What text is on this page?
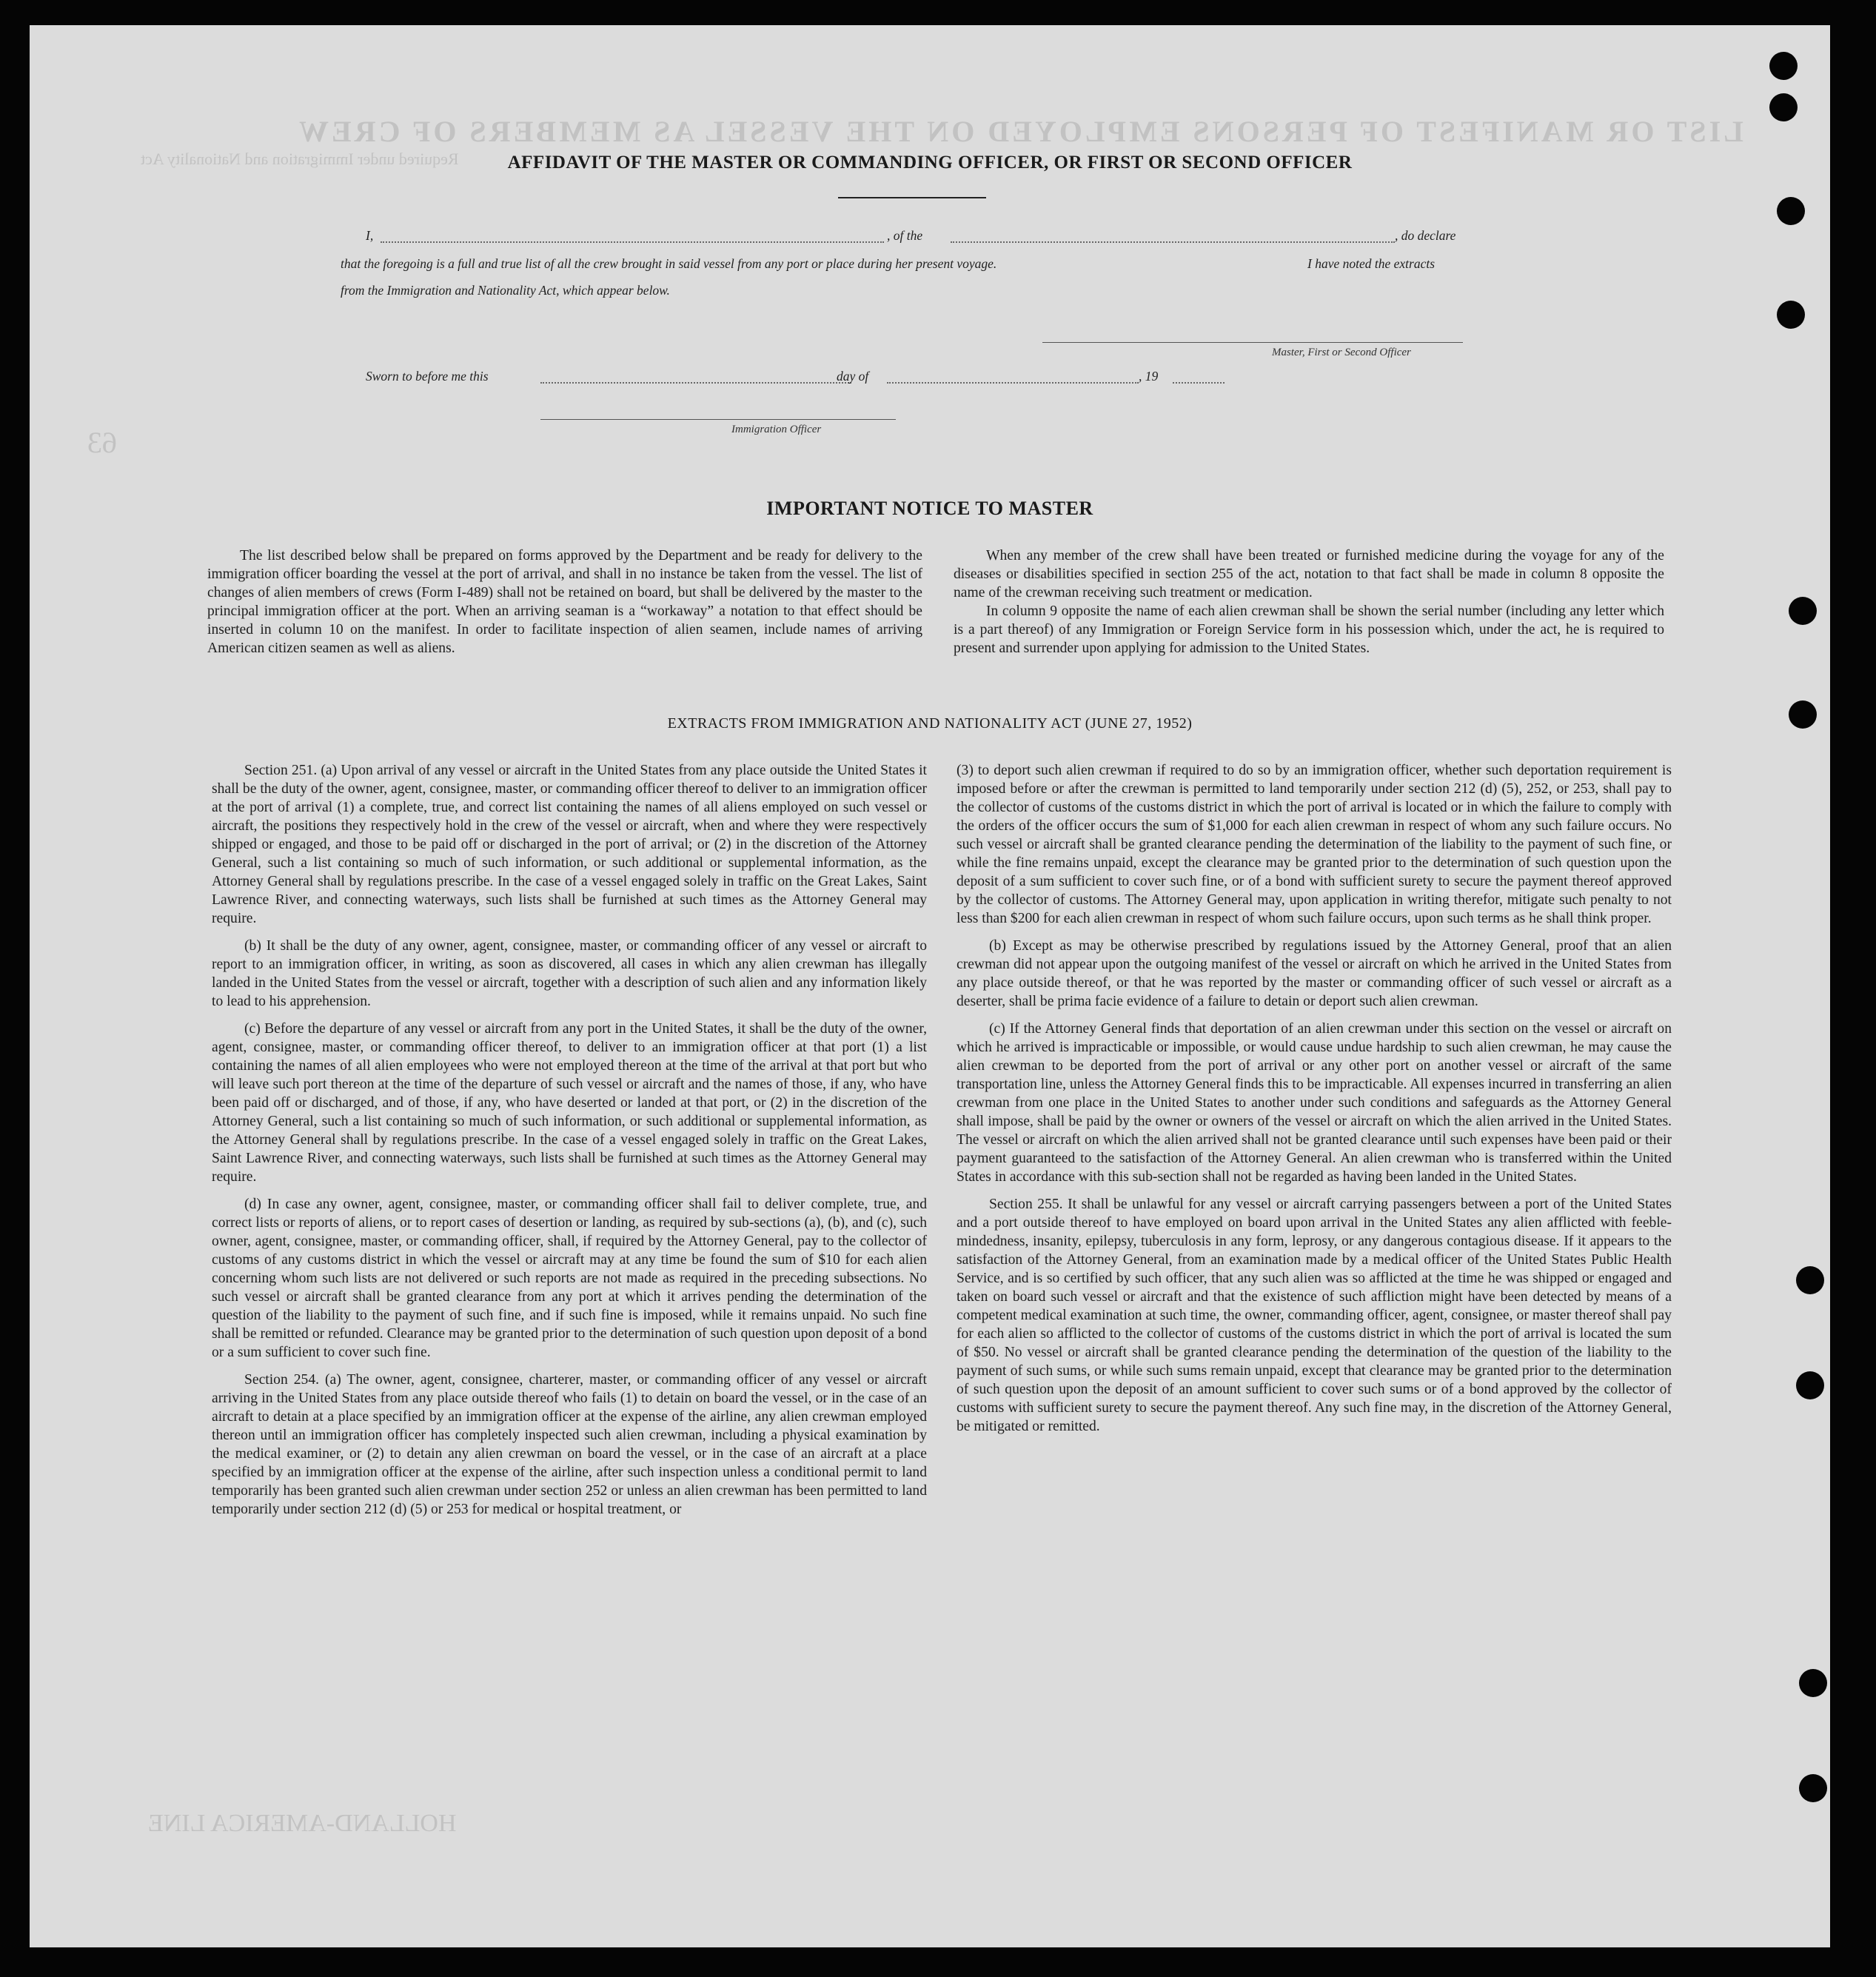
LIST OR MANIFEST OF PERSONS EMPLOYED ON THE VESSEL AS MEMBERS OF CREW
Required under Immigration and Nationality Act
HOLLAND-AMERICA LINE
63
AFFIDAVIT OF THE MASTER OR COMMANDING OFFICER, OR FIRST OR SECOND OFFICER
I,	, of the	, do declare
that the foregoing is a full and true list of all the crew brought in said vessel from any port or place during her present voyage.	I have noted the extracts
from the Immigration and Nationality Act, which appear below.
Master, First or Second Officer
Sworn to before me this	day of	, 19
Immigration Officer
IMPORTANT NOTICE TO MASTER

The list described below shall be prepared on forms approved by the Department and be ready for delivery to the immigration officer boarding the vessel at the port of arrival, and shall in no instance be taken from the vessel. The list of changes of alien members of crews (Form I-489) shall not be retained on board, but shall be delivered by the master to the principal immigration officer at the port. When an arriving seaman is a “workaway” a notation to that effect should be inserted in column 10 on the manifest. In order to facilitate inspection of alien seamen, include names of arriving American citizen seamen as well as aliens.

When any member of the crew shall have been treated or furnished medicine during the voyage for any of the diseases or disabilities specified in section 255 of the act, notation to that fact shall be made in column 8 opposite the name of the crewman receiving such treatment or medication.

In column 9 opposite the name of each alien crewman shall be shown the serial number (including any letter which is a part thereof) of any Immigration or Foreign Service form in his possession which, under the act, he is required to present and surrender upon applying for admission to the United States.

EXTRACTS FROM IMMIGRATION AND NATIONALITY ACT (JUNE 27, 1952)

Section 251. (a) Upon arrival of any vessel or aircraft in the United States from any place outside the United States it shall be the duty of the owner, agent, consignee, master, or commanding officer thereof to deliver to an immigration officer at the port of arrival (1) a complete, true, and correct list containing the names of all aliens employed on such vessel or aircraft, the positions they respectively hold in the crew of the vessel or aircraft, when and where they were respectively shipped or engaged, and those to be paid off or discharged in the port of arrival; or (2) in the discretion of the Attorney General, such a list containing so much of such information, or such additional or supplemental information, as the Attorney General shall by regulations prescribe. In the case of a vessel engaged solely in traffic on the Great Lakes, Saint Lawrence River, and connecting waterways, such lists shall be furnished at such times as the Attorney General may require.

(b) It shall be the duty of any owner, agent, consignee, master, or commanding officer of any vessel or aircraft to report to an immigration officer, in writing, as soon as discovered, all cases in which any alien crewman has illegally landed in the United States from the vessel or aircraft, together with a description of such alien and any information likely to lead to his apprehension.

(c) Before the departure of any vessel or aircraft from any port in the United States, it shall be the duty of the owner, agent, consignee, master, or commanding officer thereof, to deliver to an immigration officer at that port (1) a list containing the names of all alien employees who were not employed thereon at the time of the arrival at that port but who will leave such port thereon at the time of the departure of such vessel or aircraft and the names of those, if any, who have been paid off or discharged, and of those, if any, who have deserted or landed at that port, or (2) in the discretion of the Attorney General, such a list containing so much of such information, or such additional or supplemental information, as the Attorney General shall by regulations prescribe. In the case of a vessel engaged solely in traffic on the Great Lakes, Saint Lawrence River, and connecting waterways, such lists shall be furnished at such times as the Attorney General may require.

(d) In case any owner, agent, consignee, master, or commanding officer shall fail to deliver complete, true, and correct lists or reports of aliens, or to report cases of desertion or landing, as required by sub-sections (a), (b), and (c), such owner, agent, consignee, master, or commanding officer, shall, if required by the Attorney General, pay to the collector of customs of any customs district in which the vessel or aircraft may at any time be found the sum of $10 for each alien concerning whom such lists are not delivered or such reports are not made as required in the preceding subsections. No such vessel or aircraft shall be granted clearance from any port at which it arrives pending the determination of the question of the liability to the payment of such fine, and if such fine is imposed, while it remains unpaid. No such fine shall be remitted or refunded. Clearance may be granted prior to the determination of such question upon deposit of a bond or a sum sufficient to cover such fine.

Section 254. (a) The owner, agent, consignee, charterer, master, or commanding officer of any vessel or aircraft arriving in the United States from any place outside thereof who fails (1) to detain on board the vessel, or in the case of an aircraft to detain at a place specified by an immigration officer at the expense of the airline, any alien crewman employed thereon until an immigration officer has completely inspected such alien crewman, including a physical examination by the medical examiner, or (2) to detain any alien crewman on board the vessel, or in the case of an aircraft at a place specified by an immigration officer at the expense of the airline, after such inspection unless a conditional permit to land temporarily has been granted such alien crewman under section 252 or unless an alien crewman has been permitted to land temporarily under section 212 (d) (5) or 253 for medical or hospital treatment, or

(3) to deport such alien crewman if required to do so by an immigration officer, whether such deportation requirement is imposed before or after the crewman is permitted to land temporarily under section 212 (d) (5), 252, or 253, shall pay to the collector of customs of the customs district in which the port of arrival is located or in which the failure to comply with the orders of the officer occurs the sum of $1,000 for each alien crewman in respect of whom any such failure occurs. No such vessel or aircraft shall be granted clearance pending the determination of the liability to the payment of such fine, or while the fine remains unpaid, except the clearance may be granted prior to the determination of such question upon the deposit of a sum sufficient to cover such fine, or of a bond with sufficient surety to secure the payment thereof approved by the collector of customs. The Attorney General may, upon application in writing therefor, mitigate such penalty to not less than $200 for each alien crewman in respect of whom such failure occurs, upon such terms as he shall think proper.

(b) Except as may be otherwise prescribed by regulations issued by the Attorney General, proof that an alien crewman did not appear upon the outgoing manifest of the vessel or aircraft on which he arrived in the United States from any place outside thereof, or that he was reported by the master or commanding officer of such vessel or aircraft as a deserter, shall be prima facie evidence of a failure to detain or deport such alien crewman.

(c) If the Attorney General finds that deportation of an alien crewman under this section on the vessel or aircraft on which he arrived is impracticable or impossible, or would cause undue hardship to such alien crewman, he may cause the alien crewman to be deported from the port of arrival or any other port on another vessel or aircraft of the same transportation line, unless the Attorney General finds this to be impracticable. All expenses incurred in transferring an alien crewman from one place in the United States to another under such conditions and safeguards as the Attorney General shall impose, shall be paid by the owner or owners of the vessel or aircraft on which the alien arrived in the United States. The vessel or aircraft on which the alien arrived shall not be granted clearance until such expenses have been paid or their payment guaranteed to the satisfaction of the Attorney General. An alien crewman who is transferred within the United States in accordance with this sub-section shall not be regarded as having been landed in the United States.

Section 255. It shall be unlawful for any vessel or aircraft carrying passengers between a port of the United States and a port outside thereof to have employed on board upon arrival in the United States any alien afflicted with feeble-mindedness, insanity, epilepsy, tuberculosis in any form, leprosy, or any dangerous contagious disease. If it appears to the satisfaction of the Attorney General, from an examination made by a medical officer of the United States Public Health Service, and is so certified by such officer, that any such alien was so afflicted at the time he was shipped or engaged and taken on board such vessel or aircraft and that the existence of such affliction might have been detected by means of a competent medical examination at such time, the owner, commanding officer, agent, consignee, or master thereof shall pay for each alien so afflicted to the collector of customs of the customs district in which the port of arrival is located the sum of $50. No vessel or aircraft shall be granted clearance pending the determination of the question of the liability to the payment of such sums, or while such sums remain unpaid, except that clearance may be granted prior to the determination of such question upon the deposit of an amount sufficient to cover such sums or of a bond approved by the collector of customs with sufficient surety to secure the payment thereof. Any such fine may, in the discretion of the Attorney General, be mitigated or remitted.
